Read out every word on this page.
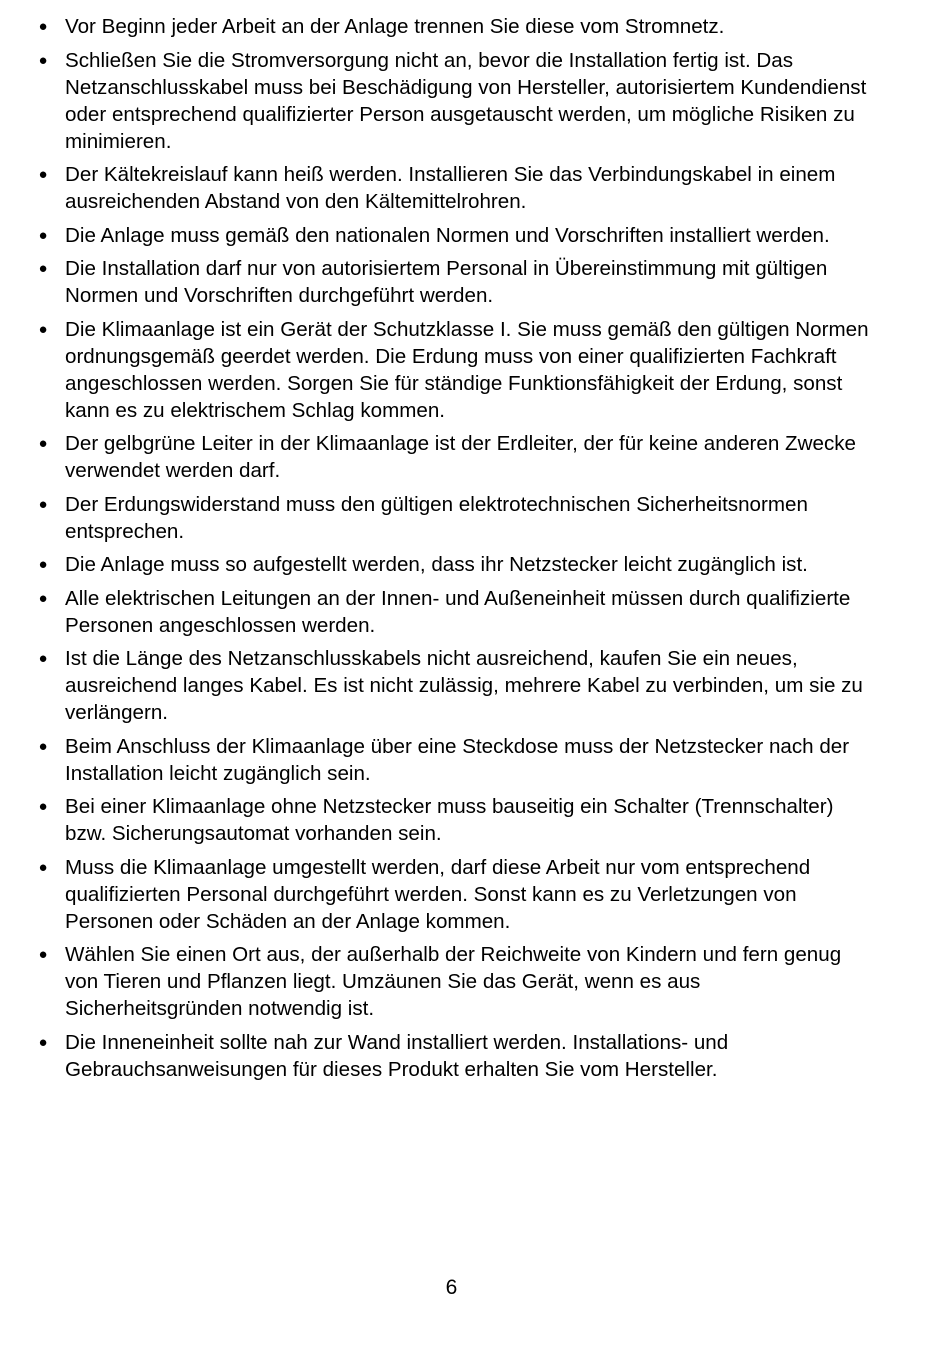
● Vor Beginn jeder Arbeit an der Anlage trennen Sie diese vom Stromnetz.
● Schließen Sie die Stromversorgung nicht an, bevor die Installation fertig ist. Das Netzanschlusskabel muss bei Beschädigung von Hersteller, autorisiertem Kundendienst oder entsprechend qualifizierter Person ausgetauscht werden, um mögliche Risiken zu minimieren.
● Der Kältekreislauf kann heiß werden. Installieren Sie das Verbindungskabel in einem ausreichenden Abstand von den Kältemittelrohren.
● Die Anlage muss gemäß den nationalen Normen und Vorschriften installiert werden.
● Die Installation darf nur von autorisiertem Personal in Übereinstimmung mit gültigen Normen und Vorschriften durchgeführt werden.
● Die Klimaanlage ist ein Gerät der Schutzklasse I. Sie muss gemäß den gültigen Normen ordnungsgemäß geerdet werden. Die Erdung muss von einer qualifizierten Fachkraft angeschlossen werden. Sorgen Sie für ständige Funktionsfähigkeit der Erdung, sonst kann es zu elektrischem Schlag kommen.
● Der gelbgrüne Leiter in der Klimaanlage ist der Erdleiter, der für keine anderen Zwecke verwendet werden darf.
● Der Erdungswiderstand muss den gültigen elektrotechnischen Sicherheitsnormen entsprechen.
● Die Anlage muss so aufgestellt werden, dass ihr Netzstecker leicht zugänglich ist.
● Alle elektrischen Leitungen an der Innen- und Außeneinheit müssen durch qualifizierte Personen angeschlossen werden.
● Ist die Länge des Netzanschlusskabels nicht ausreichend, kaufen Sie ein neues, ausreichend langes Kabel. Es ist nicht zulässig, mehrere Kabel zu verbinden, um sie zu verlängern.
● Beim Anschluss der Klimaanlage über eine Steckdose muss der Netzstecker nach der Installation leicht zugänglich sein.
● Bei einer Klimaanlage ohne Netzstecker muss bauseitig ein Schalter (Trennschalter) bzw. Sicherungsautomat vorhanden sein.
● Muss die Klimaanlage umgestellt werden, darf diese Arbeit nur vom entsprechend qualifizierten Personal durchgeführt werden. Sonst kann es zu Verletzungen von Personen oder Schäden an der Anlage kommen.
● Wählen Sie einen Ort aus, der außerhalb der Reichweite von Kindern und fern genug von Tieren und Pflanzen liegt. Umzäunen Sie das Gerät, wenn es aus Sicherheitsgründen notwendig ist.
● Die Inneneinheit sollte nah zur Wand installiert werden. Installations- und Gebrauchsanweisungen für dieses Produkt erhalten Sie vom Hersteller.
6
